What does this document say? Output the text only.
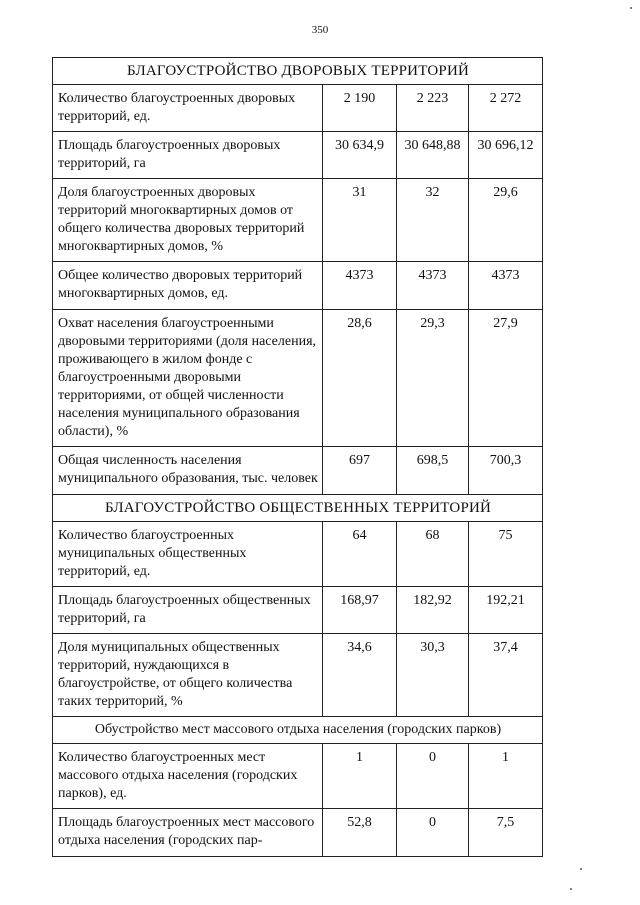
350
БЛАГОУСТРОЙСТВО ДВОРОВЫХ ТЕРРИТОРИЙ			
Количество благоустроенных дворовых территорий, ед.	2 190	2 223	2 272
Площадь благоустроенных дворовых территорий, га	30 634,9	30 648,88	30 696,12
Доля благоустроенных дворовых территорий многоквартирных домов от общего количества дворовых территорий многоквартирных домов, %	31	32	29,6
Общее количество дворовых территорий многоквартирных домов, ед.	4373	4373	4373
Охват населения благоустроенными дворовыми территориями (доля населения, проживающего в жилом фонде с благоустроенными дворовыми территориями, от общей численности населения муниципального образования области), %	28,6	29,3	27,9
Общая численность населения муниципального образования, тыс. человек	697	698,5	700,3
БЛАГОУСТРОЙСТВО ОБЩЕСТВЕННЫХ ТЕРРИТОРИЙ			
Количество благоустроенных муниципальных общественных территорий, ед.	64	68	75
Площадь благоустроенных общественных территорий, га	168,97	182,92	192,21
Доля муниципальных общественных территорий, нуждающихся в благоустройстве, от общего количества таких территорий, %	34,6	30,3	37,4
Обустройство мест массового отдыха населения (городских парков)			
Количество благоустроенных мест массового отдыха населения (городских парков), ед.	1	0	1
Площадь благоустроенных мест массового отдыха населения (городских пар-	52,8	0	7,5
